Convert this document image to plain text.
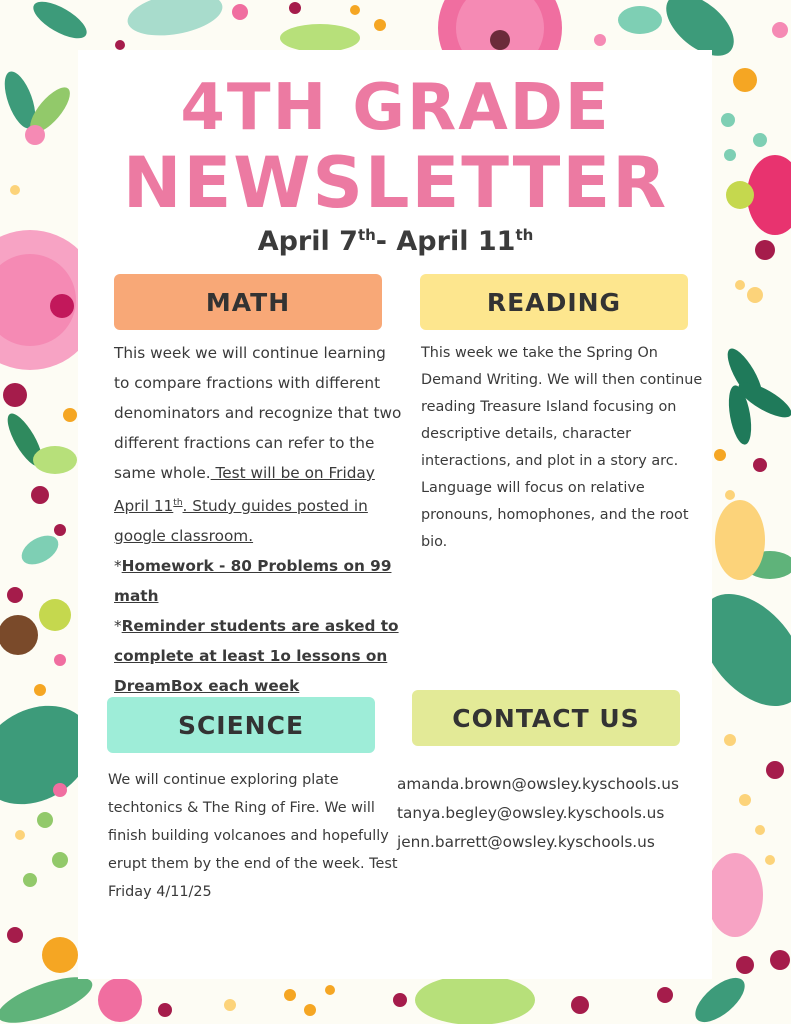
4TH GRADE
NEWSLETTER
April 7th- April 11th
MATH

This week we will continue learning to compare fractions with different denominators and recognize that two different fractions can refer to the same whole. Test will be on Friday April 11th. Study guides posted in google classroom.

*Homework - 80 Problems on 99 math

*Reminder students are asked to complete at least 1o lessons on DreamBox each week

READING
This week we take the Spring On Demand Writing. We will then continue reading Treasure Island focusing on descriptive details, character interactions, and plot in a story arc. Language will focus on relative pronouns, homophones, and the root bio.
SCIENCE
We will continue exploring plate techtonics & The Ring of Fire. We will finish building volcanoes and hopefully erupt them by the end of the week. Test Friday 4/11/25
CONTACT US
amanda.brown@owsley.kyschools.us
tanya.begley@owsley.kyschools.us
jenn.barrett@owsley.kyschools.us
